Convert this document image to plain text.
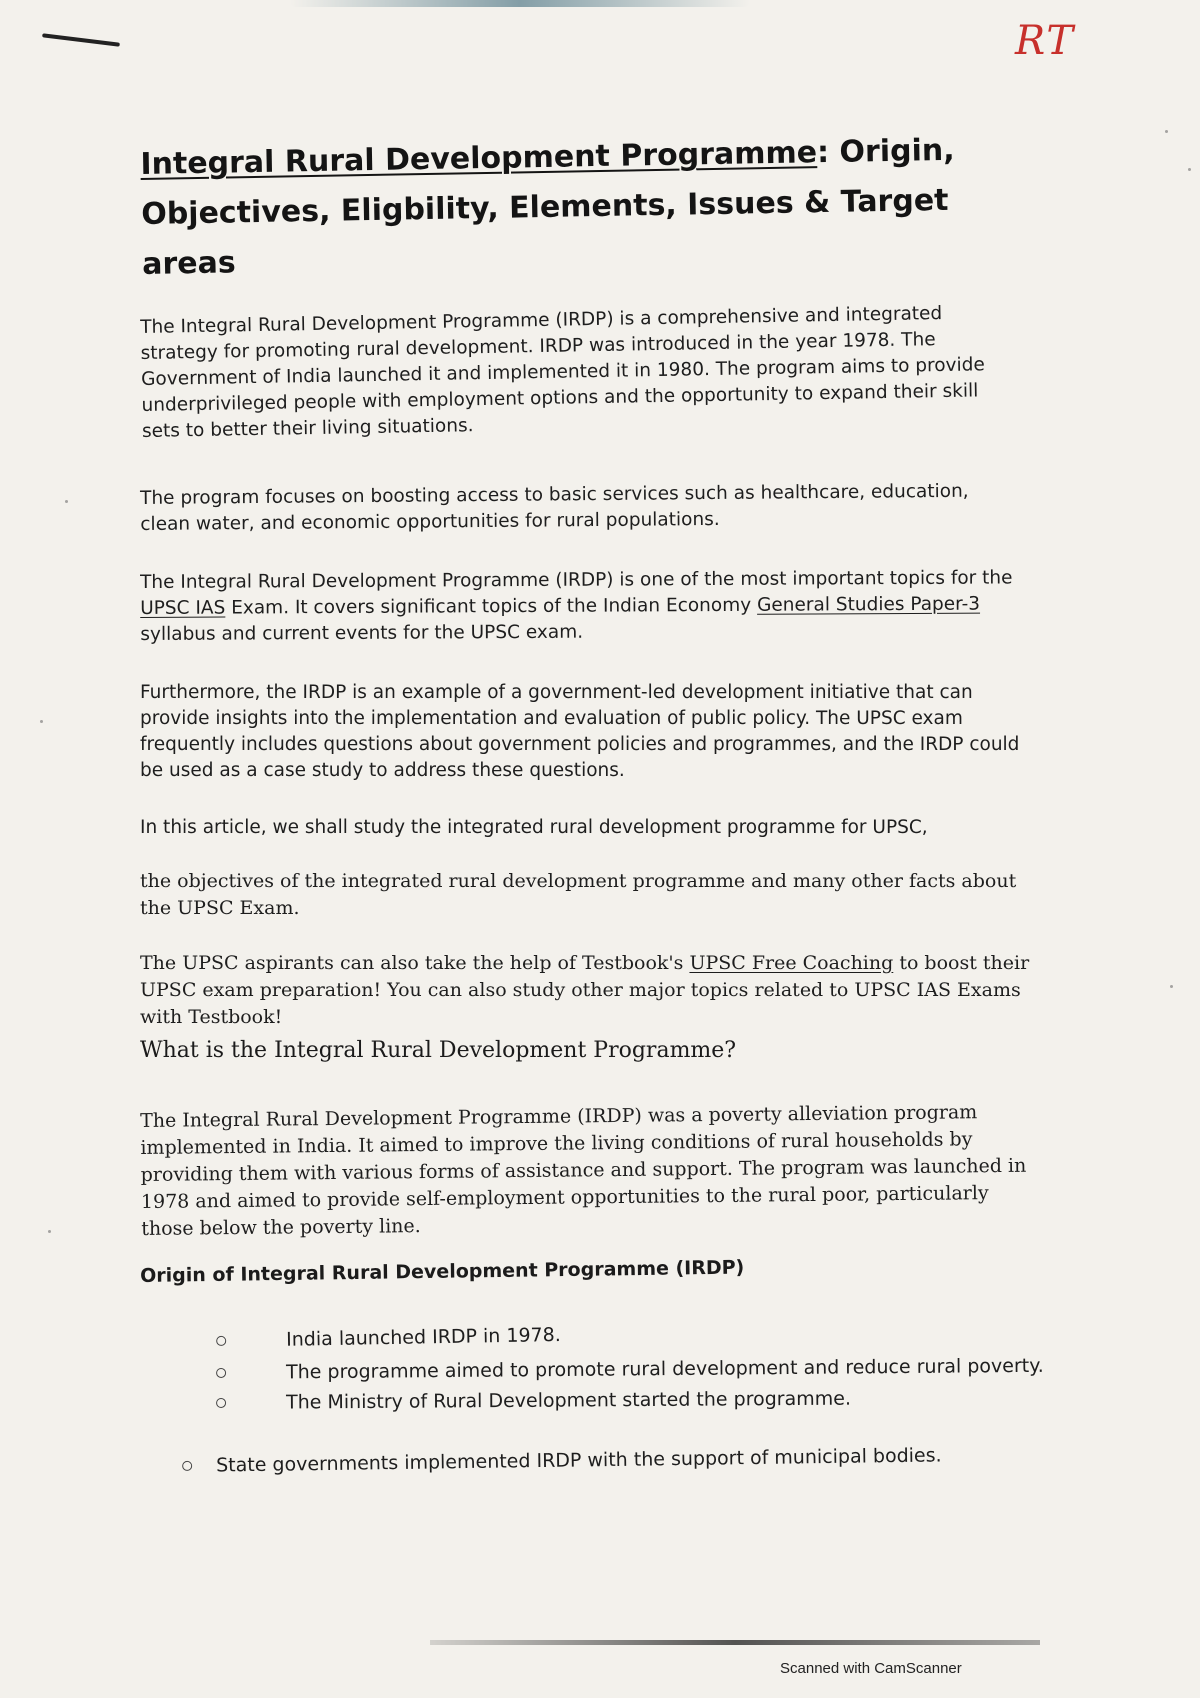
RT
Integral Rural Development Programme: Origin,
Objectives, Eligbility, Elements, Issues & Target areas

The Integral Rural Development Programme (IRDP) is a comprehensive and integrated strategy for promoting rural development. IRDP was introduced in the year 1978. The Government of India launched it and implemented it in 1980. The program aims to provide underprivileged people with employment options and the opportunity to expand their skill sets to better their living situations.

The program focuses on boosting access to basic services such as healthcare, education, clean water, and economic opportunities for rural populations.

The Integral Rural Development Programme (IRDP) is one of the most important topics for the UPSC IAS Exam. It covers significant topics of the Indian Economy General Studies Paper-3 syllabus and current events for the UPSC exam.

Furthermore, the IRDP is an example of a government-led development initiative that can provide insights into the implementation and evaluation of public policy. The UPSC exam frequently includes questions about government policies and programmes, and the IRDP could be used as a case study to address these questions.

In this article, we shall study the integrated rural development programme for UPSC,

the objectives of the integrated rural development programme and many other facts about the UPSC Exam.

The UPSC aspirants can also take the help of Testbook's UPSC Free Coaching to boost their UPSC exam preparation! You can also study other major topics related to UPSC IAS Exams with Testbook!

What is the Integral Rural Development Programme?

The Integral Rural Development Programme (IRDP) was a poverty alleviation program implemented in India. It aimed to improve the living conditions of rural households by providing them with various forms of assistance and support. The program was launched in 1978 and aimed to provide self-employment opportunities to the rural poor, particularly those below the poverty line.

Origin of Integral Rural Development Programme (IRDP)
India launched IRDP in 1978.
The programme aimed to promote rural development and reduce rural poverty.
The Ministry of Rural Development started the programme.
State governments implemented IRDP with the support of municipal bodies.
Scanned with CamScanner
